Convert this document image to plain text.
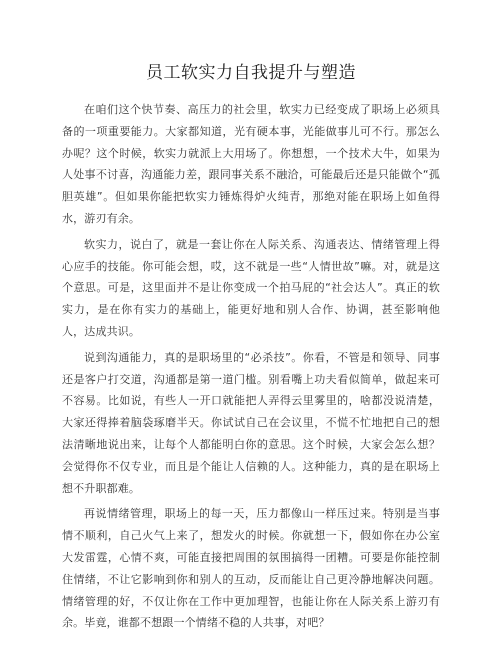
员工软实力自我提升与塑造

在咱们这个快节奏、高压力的社会里，软实力已经变成了职场上必须具备的一项重要能力。大家都知道，光有硬本事，光能做事儿可不行。那怎么办呢？这个时候，软实力就派上大用场了。你想想，一个技术大牛，如果为人处事不讨喜，沟通能力差，跟同事关系不融洽，可能最后还是只能做个“孤胆英雄”。但如果你能把软实力锤炼得炉火纯青，那绝对能在职场上如鱼得水，游刃有余。

软实力，说白了，就是一套让你在人际关系、沟通表达、情绪管理上得心应手的技能。你可能会想，哎，这不就是一些“人情世故”嘛。对，就是这个意思。可是，这里面并不是让你变成一个拍马屁的“社会达人”。真正的软实力，是在你有实力的基础上，能更好地和别人合作、协调，甚至影响他人，达成共识。

说到沟通能力，真的是职场里的“必杀技”。你看，不管是和领导、同事还是客户打交道，沟通都是第一道门槛。别看嘴上功夫看似简单，做起来可不容易。比如说，有些人一开口就能把人弄得云里雾里的，啥都没说清楚，大家还得捧着脑袋琢磨半天。你试试自己在会议里，不慌不忙地把自己的想法清晰地说出来，让每个人都能明白你的意思。这个时候，大家会怎么想？会觉得你不仅专业，而且是个能让人信赖的人。这种能力，真的是在职场上想不升职都难。

再说情绪管理，职场上的每一天，压力都像山一样压过来。特别是当事情不顺利，自己火气上来了，想发火的时候。你就想一下，假如你在办公室大发雷霆，心情不爽，可能直接把周围的氛围搞得一团糟。可要是你能控制住情绪，不让它影响到你和别人的互动，反而能让自己更冷静地解决问题。情绪管理的好，不仅让你在工作中更加理智，也能让你在人际关系上游刃有余。毕竟，谁都不想跟一个情绪不稳的人共事，对吧？
